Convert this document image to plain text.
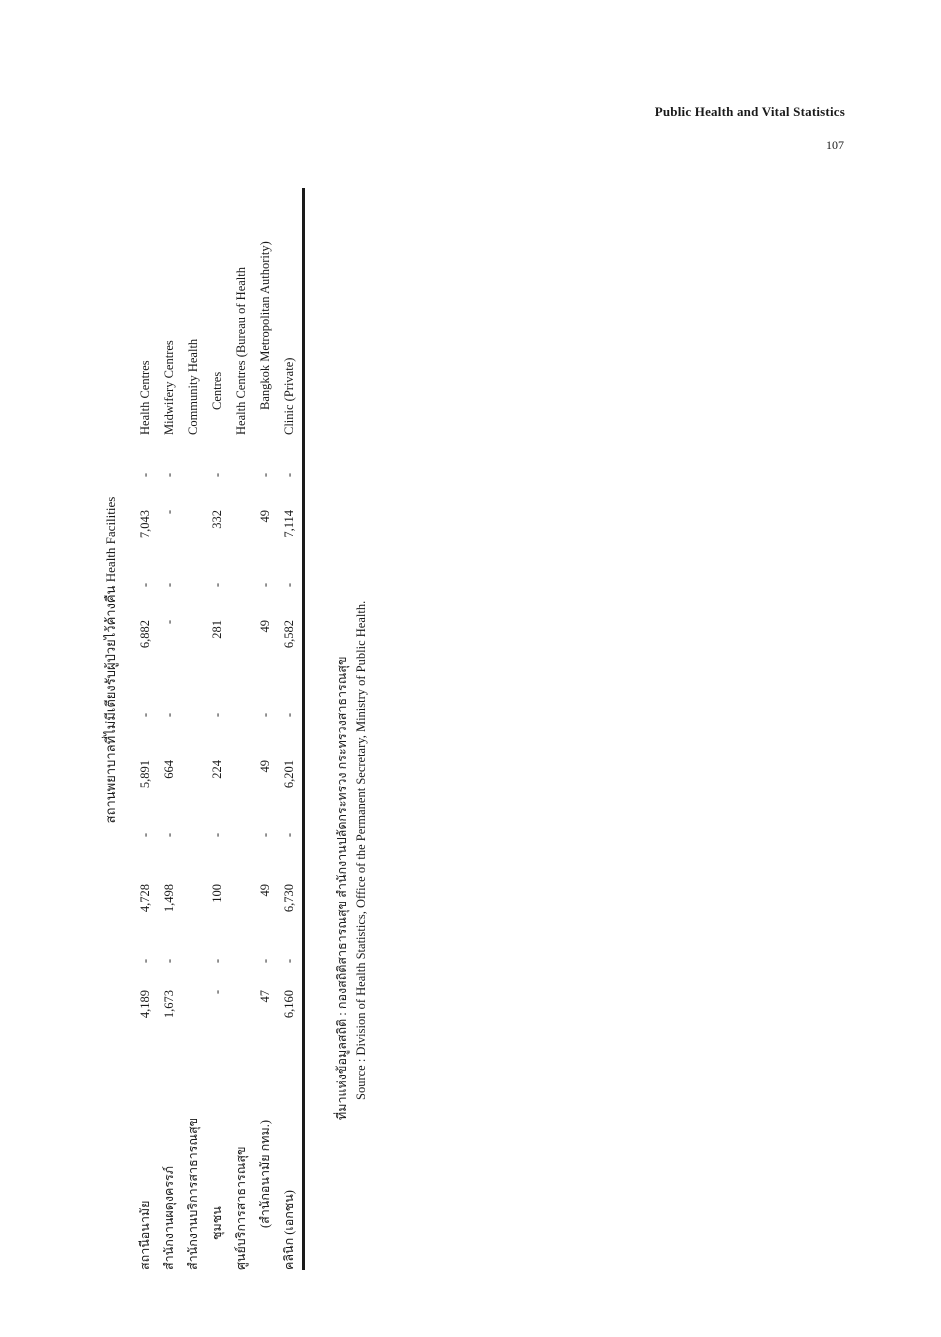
Public Health and Vital Statistics
107
สถานพยาบาลที่ไม่มีเตียงรับผู้ป่วยไว้ค้างคืน Health Facilities
สถานีอนามัย
4,189
-
4,728
-
5,891
-
6,882
-
7,043
-
Health Centres
สำนักงานผดุงครรภ์
1,673
-
1,498
-
664
-
-
-
-
-
Midwifery Centres
สำนักงานบริการสาธารณสุข
Community Health
ชุมชน
-
-
100
-
224
-
281
-
332
-
Centres
ศูนย์บริการสาธารณสุข
Health Centres (Bureau of Health
(สำนักอนามัย กทม.)
47
-
49
-
49
-
49
-
49
-
Bangkok Metropolitan Authority)
คลินิก (เอกชน)
6,160
-
6,730
-
6,201
-
6,582
-
7,114
-
Clinic (Private)
ที่มาแห่งข้อมูลสถิติ : กองสถิติสาธารณสุข สำนักงานปลัดกระทรวง กระทรวงสาธารณสุข Source : Division of Health Statistics, Office of the Permanent Secretary, Ministry of Public Health.
